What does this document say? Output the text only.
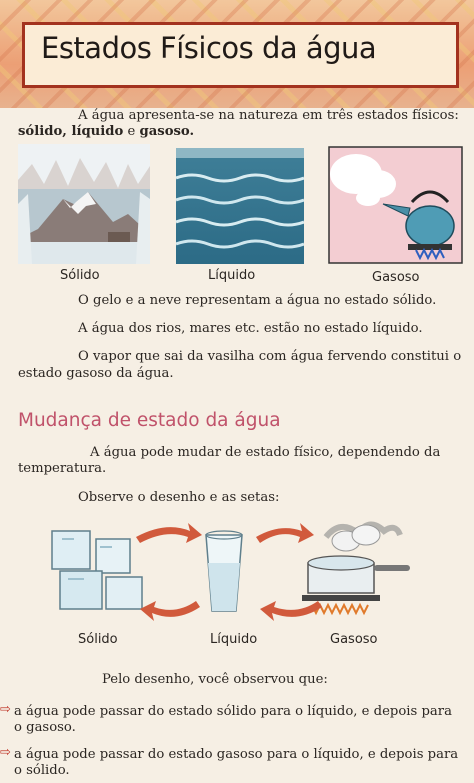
Estados Físicos da água

A água apresenta-se na natureza em três estados físicos:

sólido, líquido e gasoso.

Sólido	Líquido	Gasoso

O gelo e a neve representam a água no estado sólido.

A água dos rios, mares etc. estão no estado líquido.

O vapor que sai da vasilha com água fervendo constitui o

estado gasoso da água.

Mudança de estado da água

A água pode mudar de estado físico, dependendo da

temperatura.

Observe o desenho e as setas:

Sólido	Líquido	Gasoso

Pelo desenho, você observou que:

⇨ a água pode passar do estado sólido para o líquido, e depois para

o gasoso.

⇨ a água pode passar do estado gasoso para o líquido, e depois para

o sólido.
